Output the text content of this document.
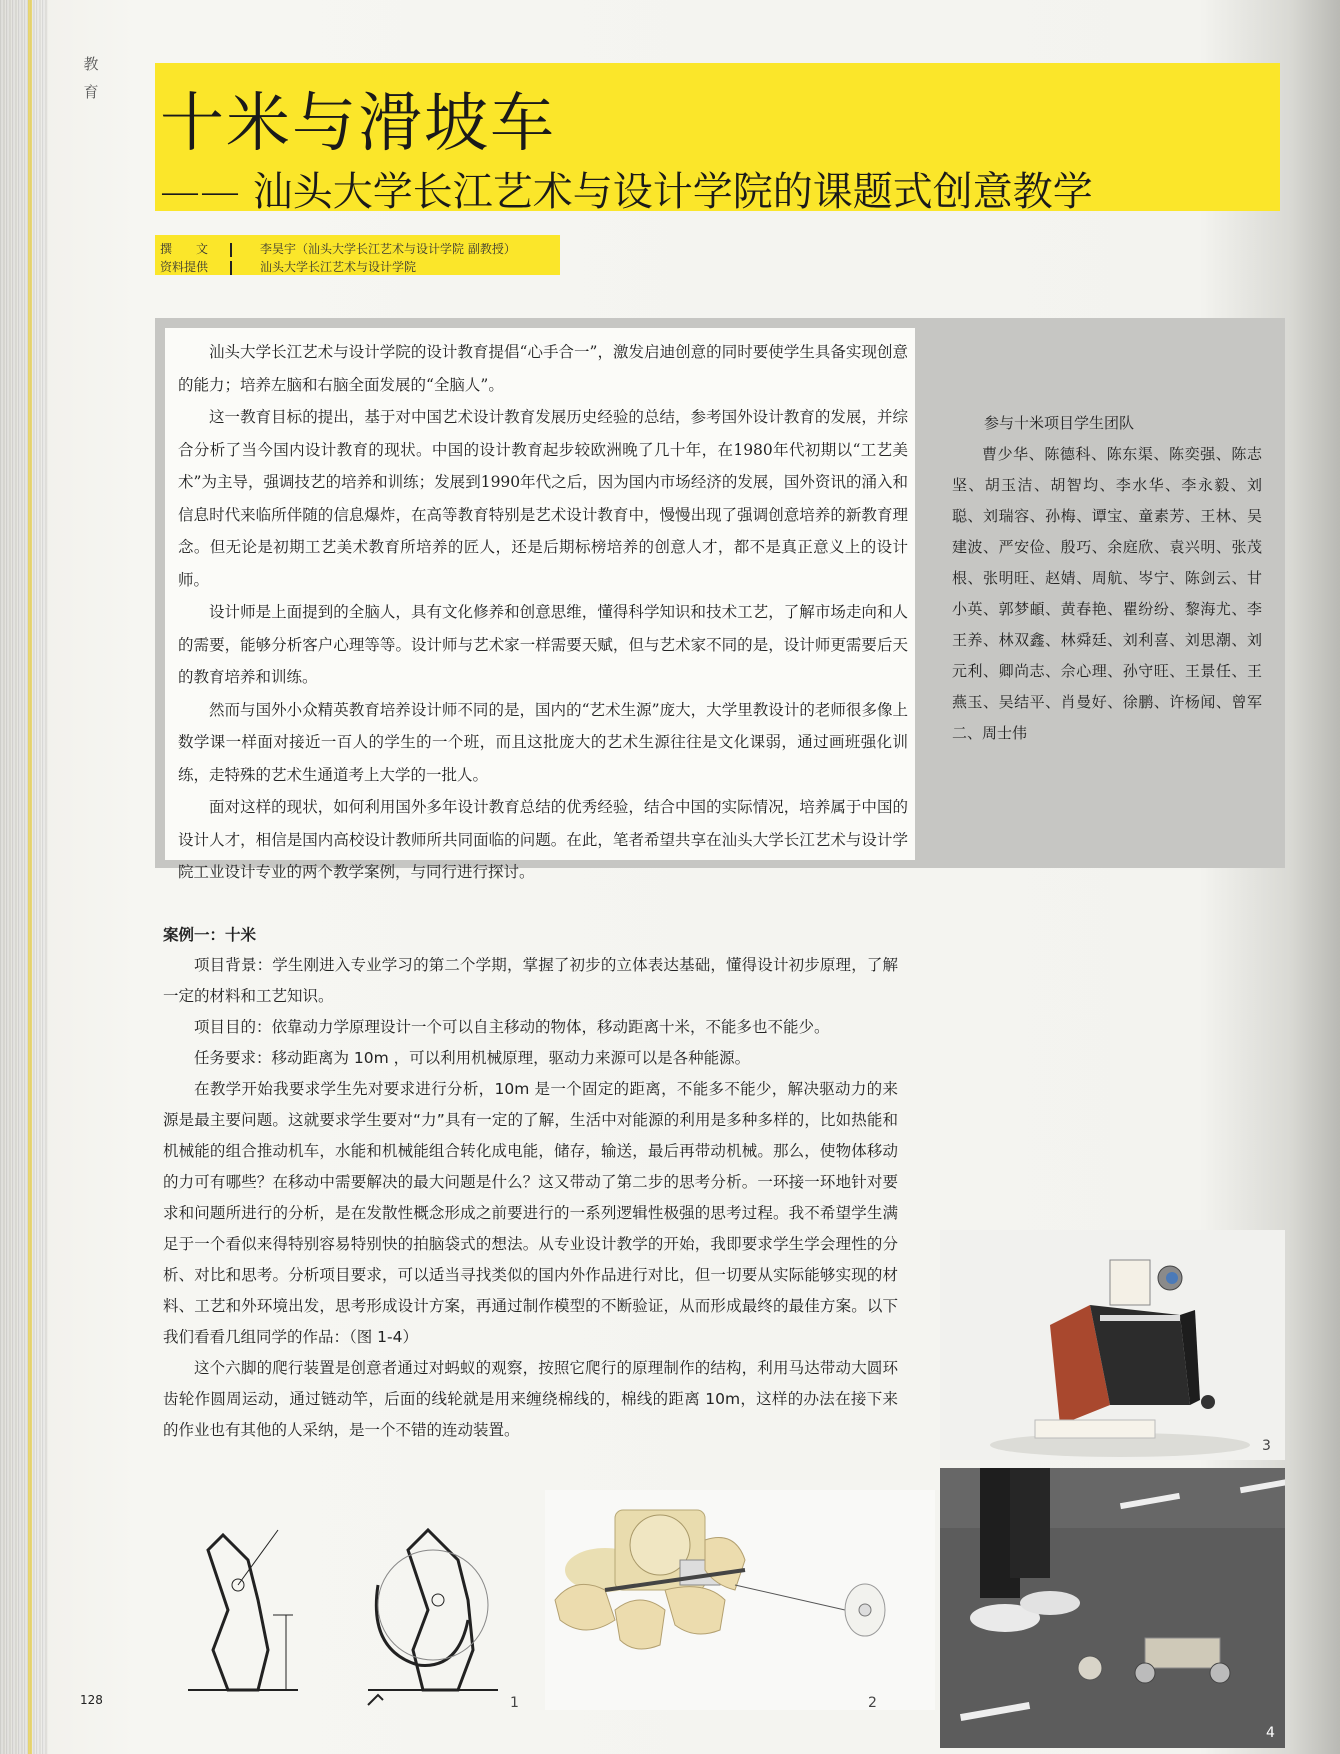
教育 十米与滑坡车
—— 汕头大学长江艺术与设计学院的课题式创意教学
撰　　文	李昊宇（汕头大学长江艺术与设计学院 副教授）
资料提供	汕头大学长江艺术与设计学院

汕头大学长江艺术与设计学院的设计教育提倡“心手合一”，激发启迪创意的同时要使学生具备实现创意的能力；培养左脑和右脑全面发展的“全脑人”。

这一教育目标的提出，基于对中国艺术设计教育发展历史经验的总结，参考国外设计教育的发展，并综合分析了当今国内设计教育的现状。中国的设计教育起步较欧洲晚了几十年，在1980年代初期以“工艺美术”为主导，强调技艺的培养和训练；发展到1990年代之后，因为国内市场经济的发展，国外资讯的涌入和信息时代来临所伴随的信息爆炸，在高等教育特别是艺术设计教育中，慢慢出现了强调创意培养的新教育理念。但无论是初期工艺美术教育所培养的匠人，还是后期标榜培养的创意人才，都不是真正意义上的设计师。

设计师是上面提到的全脑人，具有文化修养和创意思维，懂得科学知识和技术工艺，了解市场走向和人的需要，能够分析客户心理等等。设计师与艺术家一样需要天赋，但与艺术家不同的是，设计师更需要后天的教育培养和训练。

然而与国外小众精英教育培养设计师不同的是，国内的“艺术生源”庞大，大学里教设计的老师很多像上数学课一样面对接近一百人的学生的一个班，而且这批庞大的艺术生源往往是文化课弱，通过画班强化训练，走特殊的艺术生通道考上大学的一批人。

面对这样的现状，如何利用国外多年设计教育总结的优秀经验，结合中国的实际情况，培养属于中国的设计人才，相信是国内高校设计教师所共同面临的问题。在此，笔者希望共享在汕头大学长江艺术与设计学院工业设计专业的两个教学案例，与同行进行探讨。

参与十米项目学生团队
曹少华、陈德科、陈东渠、陈奕强、陈志坚、胡玉洁、胡智均、李水华、李永毅、刘聪、刘瑞容、孙梅、谭宝、童素芳、王林、吴建波、严安俭、殷巧、余庭欣、袁兴明、张茂根、张明旺、赵婧、周航、岑宁、陈剑云、甘小英、郭梦頔、黄春艳、瞿纷纷、黎海尤、李王养、林双鑫、林舜廷、刘利喜、刘思潮、刘元利、卿尚志、佘心理、孙守旺、王景任、王燕玉、吴结平、肖曼好、徐鹏、许杨闻、曾军二、周士伟
案例一：十米

项目背景：学生刚进入专业学习的第二个学期，掌握了初步的立体表达基础，懂得设计初步原理，了解一定的材料和工艺知识。

项目目的：依靠动力学原理设计一个可以自主移动的物体，移动距离十米，不能多也不能少。

任务要求：移动距离为 10m ，可以利用机械原理，驱动力来源可以是各种能源。

在教学开始我要求学生先对要求进行分析，10m 是一个固定的距离，不能多不能少，解决驱动力的来源是最主要问题。这就要求学生要对“力”具有一定的了解，生活中对能源的利用是多种多样的，比如热能和机械能的组合推动机车，水能和机械能组合转化成电能，储存，输送，最后再带动机械。那么，使物体移动的力可有哪些？在移动中需要解决的最大问题是什么？这又带动了第二步的思考分析。一环接一环地针对要求和问题所进行的分析，是在发散性概念形成之前要进行的一系列逻辑性极强的思考过程。我不希望学生满足于一个看似来得特别容易特别快的拍脑袋式的想法。从专业设计教学的开始，我即要求学生学会理性的分析、对比和思考。分析项目要求，可以适当寻找类似的国内外作品进行对比，但一切要从实际能够实现的材料、工艺和外环境出发，思考形成设计方案，再通过制作模型的不断验证，从而形成最终的最佳方案。以下我们看看几组同学的作品：（图 1-4）

这个六脚的爬行装置是创意者通过对蚂蚁的观察，按照它爬行的原理制作的结构，利用马达带动大圆环齿轮作圆周运动，通过链动竿，后面的线轮就是用来缠绕棉线的，棉线的距离 10m，这样的办法在接下来的作业也有其他的人采纳，是一个不错的连动装置。

3
4
1	2
128
